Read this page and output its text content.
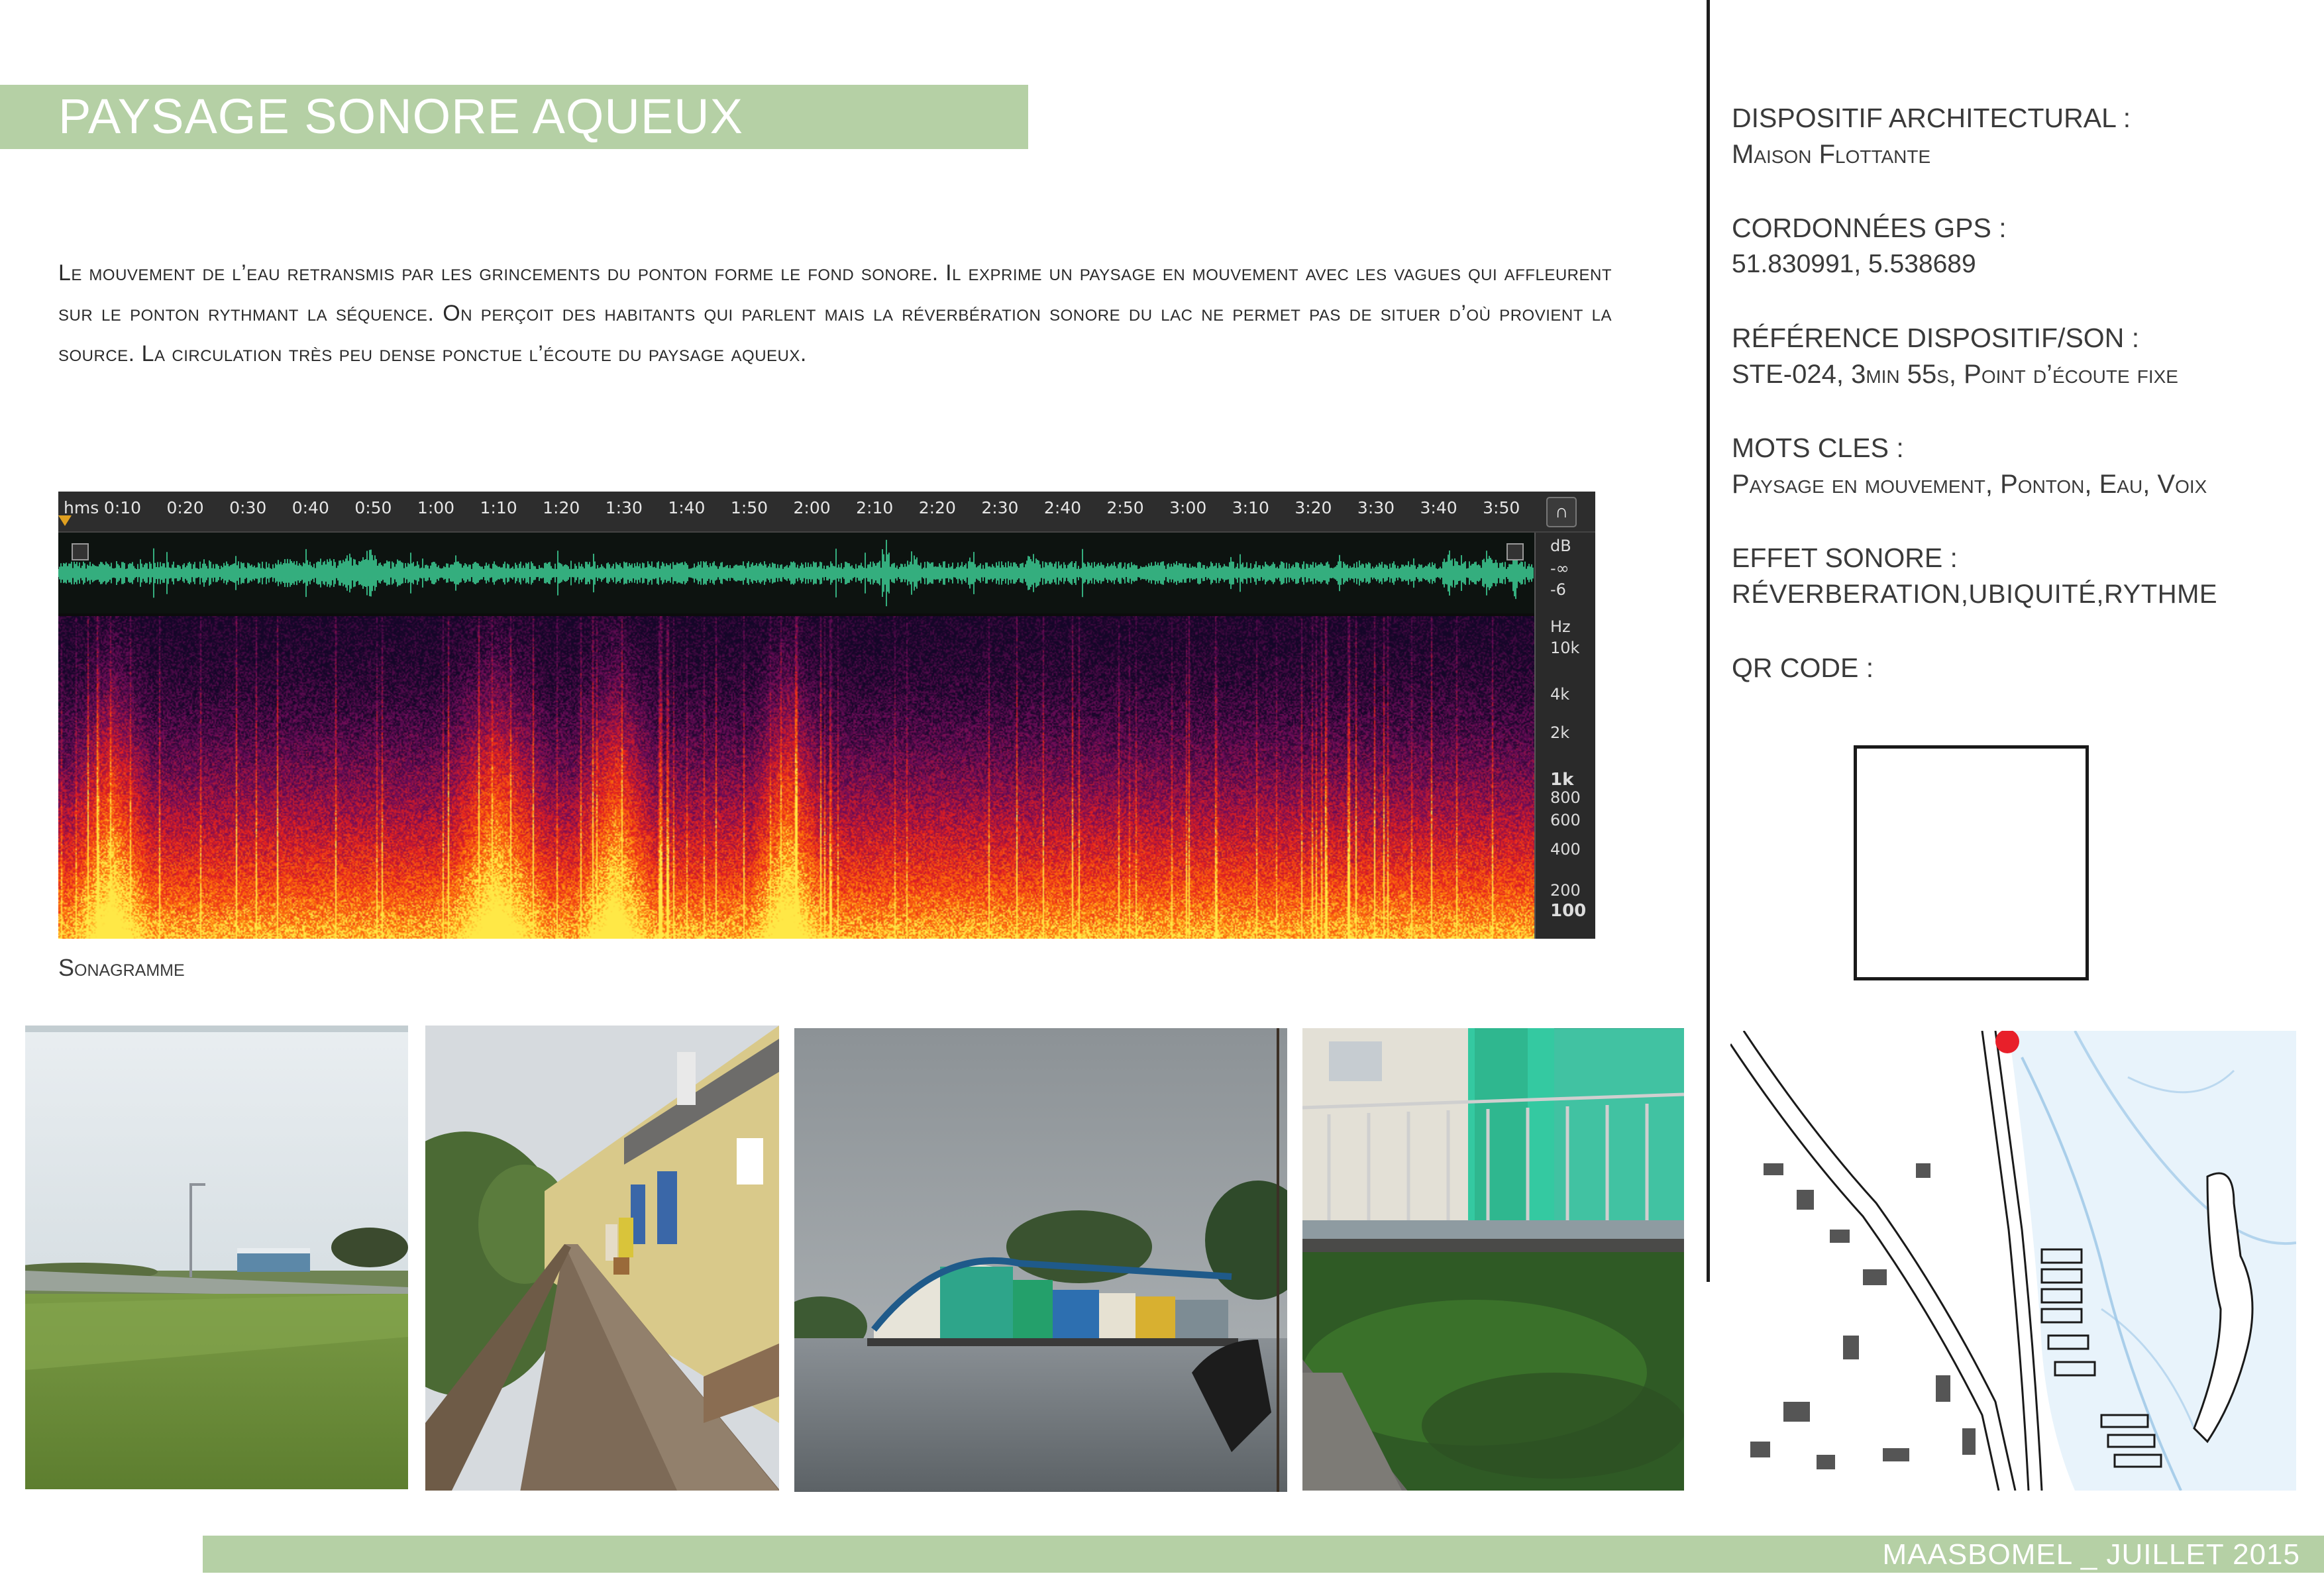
PAYSAGE SONORE AQUEUX
Le mouvement de l’eau retransmis par les grincements du ponton forme le fond sonore. Il exprime un paysage en mouvement avec les vagues qui affleurent sur le ponton rythmant la séquence. On perçoit des habitants qui parlent mais la réverbération sonore du lac ne permet pas de situer d’où provient la source. La circulation très peu dense ponctue l’écoute du paysage aqueux.
hms 0:10 0:20 0:30 0:40 0:50 1:00 1:10 1:20 1:30 1:40 1:50 2:00 2:10 2:20 2:30 2:40 2:50 3:00 3:10 3:20 3:30 3:40 3:50
dB
-∞
-6
Hz
10k
4k
2k
1k
800
600
400
200
100
∩
Sonagramme
DISPOSITIF ARCHITECTURAL :
Maison Flottante
CORDONNÉES GPS :
51.830991, 5.538689
RÉFÉRENCE DISPOSITIF/SON :
STE-024, 3min 55s, Point d’écoute fixe
MOTS CLES :
Paysage en mouvement, Ponton, Eau, Voix
EFFET SONORE :
RÉVERBERATION,UBIQUITÉ,RYTHME
QR CODE :
MAASBOMEL _ JUILLET 2015
